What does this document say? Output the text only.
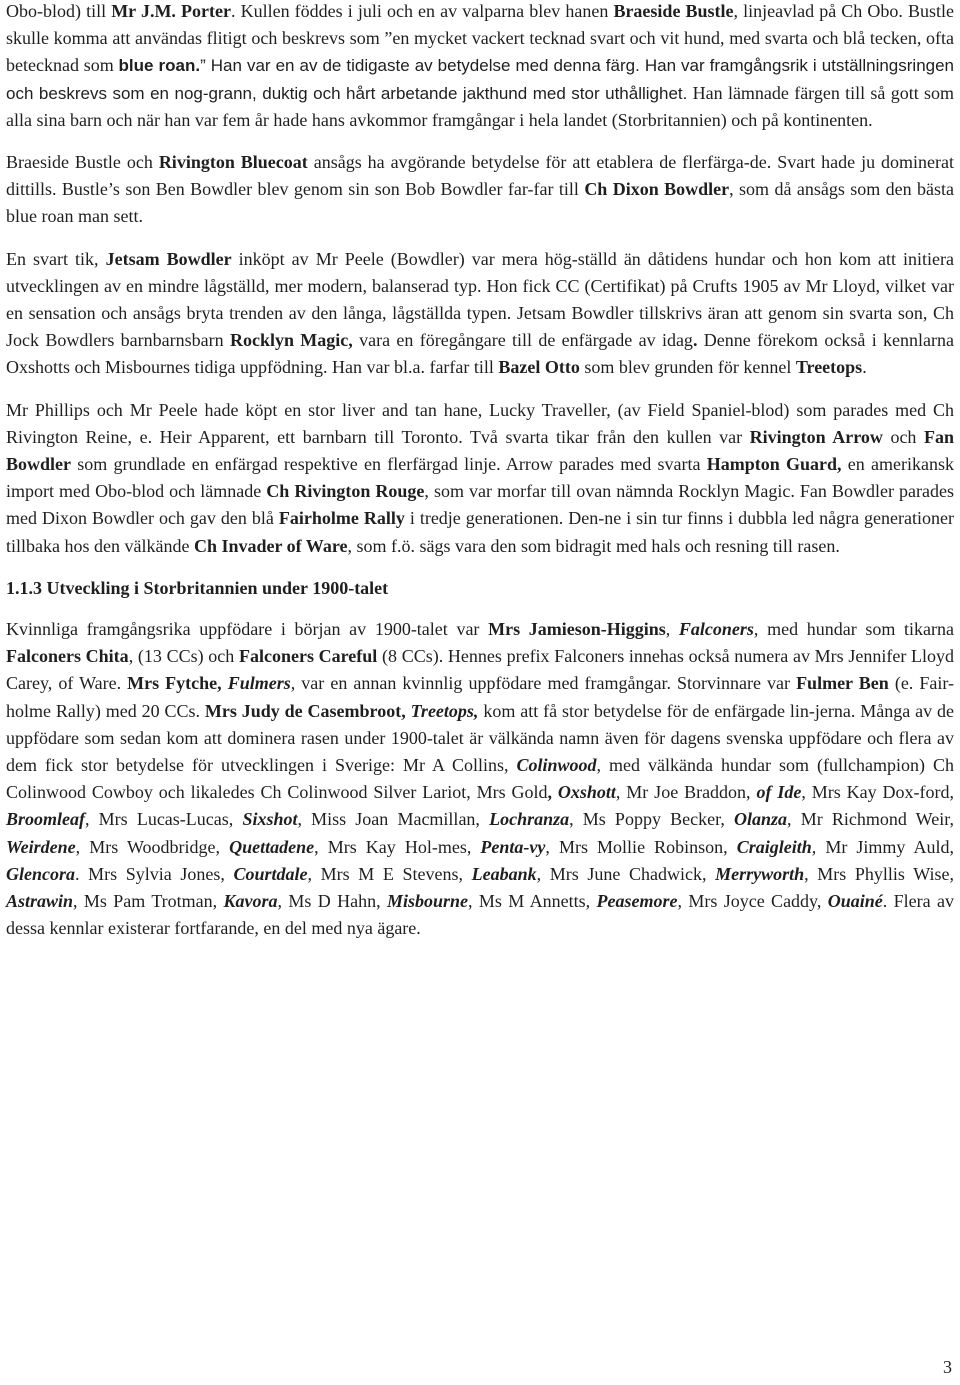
Obo-blod) till Mr J.M. Porter. Kullen föddes i juli och en av valparna blev hanen Braeside Bustle, linjeavlad på Ch Obo. Bustle skulle komma att användas flitigt och beskrevs som ”en mycket vackert tecknad svart och vit hund, med svarta och blå tecken, ofta betecknad som blue roan.” Han var en av de tidigaste av betydelse med denna färg. Han var framgångsrik i utställningsringen och beskrevs som en nog-grann, duktig och hårt arbetande jakthund med stor uthållighet. Han lämnade färgen till så gott som alla sina barn och när han var fem år hade hans avkommor framgångar i hela landet (Storbritannien) och på kontinenten.

Braeside Bustle och Rivington Bluecoat ansågs ha avgörande betydelse för att etablera de flerfärga-de. Svart hade ju dominerat dittills. Bustle’s son Ben Bowdler blev genom sin son Bob Bowdler far-far till Ch Dixon Bowdler, som då ansågs som den bästa blue roan man sett.

En svart tik, Jetsam Bowdler inköpt av Mr Peele (Bowdler) var mera hög-ställd än dåtidens hundar och hon kom att initiera utvecklingen av en mindre lågställd, mer modern, balanserad typ. Hon fick CC (Certifikat) på Crufts 1905 av Mr Lloyd, vilket var en sensation och ansågs bryta trenden av den långa, lågställda typen. Jetsam Bowdler tillskrivs äran att genom sin svarta son, Ch Jock Bowdlers barnbarnsbarn Rocklyn Magic, vara en föregångare till de enfärgade av idag. Denne förekom också i kennlarna Oxshotts och Misbournes tidiga uppfödning. Han var bl.a. farfar till Bazel Otto som blev grunden för kennel Treetops.

Mr Phillips och Mr Peele hade köpt en stor liver and tan hane, Lucky Traveller, (av Field Spaniel-blod) som parades med Ch Rivington Reine, e. Heir Apparent, ett barnbarn till Toronto. Två svarta tikar från den kullen var Rivington Arrow och Fan Bowdler som grundlade en enfärgad respektive en flerfärgad linje. Arrow parades med svarta Hampton Guard, en amerikansk import med Obo-blod och lämnade Ch Rivington Rouge, som var morfar till ovan nämnda Rocklyn Magic. Fan Bowdler parades med Dixon Bowdler och gav den blå Fairholme Rally i tredje generationen. Den-ne i sin tur finns i dubbla led några generationer tillbaka hos den välkände Ch Invader of Ware, som f.ö. sägs vara den som bidragit med hals och resning till rasen.

1.1.3 Utveckling i Storbritannien under 1900-talet

Kvinnliga framgångsrika uppfödare i början av 1900-talet var Mrs Jamieson-Higgins, Falconers, med hundar som tikarna Falconers Chita, (13 CCs) och Falconers Careful (8 CCs). Hennes prefix Falconers innehas också numera av Mrs Jennifer Lloyd Carey, of Ware. Mrs Fytche, Fulmers, var en annan kvinnlig uppfödare med framgångar. Storvinnare var Fulmer Ben (e. Fair-holme Rally) med 20 CCs. Mrs Judy de Casembroot, Treetops, kom att få stor betydelse för de enfärgade lin-jerna. Många av de uppfödare som sedan kom att dominera rasen under 1900-talet är välkända namn även för dagens svenska uppfödare och flera av dem fick stor betydelse för utvecklingen i Sverige: Mr A Collins, Colinwood, med välkända hundar som (fullchampion) Ch Colinwood Cowboy och likaledes Ch Colinwood Silver Lariot, Mrs Gold, Oxshott, Mr Joe Braddon, of Ide, Mrs Kay Dox-ford, Broomleaf, Mrs Lucas-Lucas, Sixshot, Miss Joan Macmillan, Lochranza, Ms Poppy Becker, Olanza, Mr Richmond Weir, Weirdene, Mrs Woodbridge, Quettadene, Mrs Kay Hol-mes, Penta-vy, Mrs Mollie Robinson, Craigleith, Mr Jimmy Auld, Glencora. Mrs Sylvia Jones, Courtdale, Mrs M E Stevens, Leabank, Mrs June Chadwick, Merryworth, Mrs Phyllis Wise, Astrawin, Ms Pam Trotman, Kavora, Ms D Hahn, Misbourne, Ms M Annetts, Peasemore, Mrs Joyce Caddy, Ouainé. Flera av dessa kennlar existerar fortfarande, en del med nya ägare.

3
